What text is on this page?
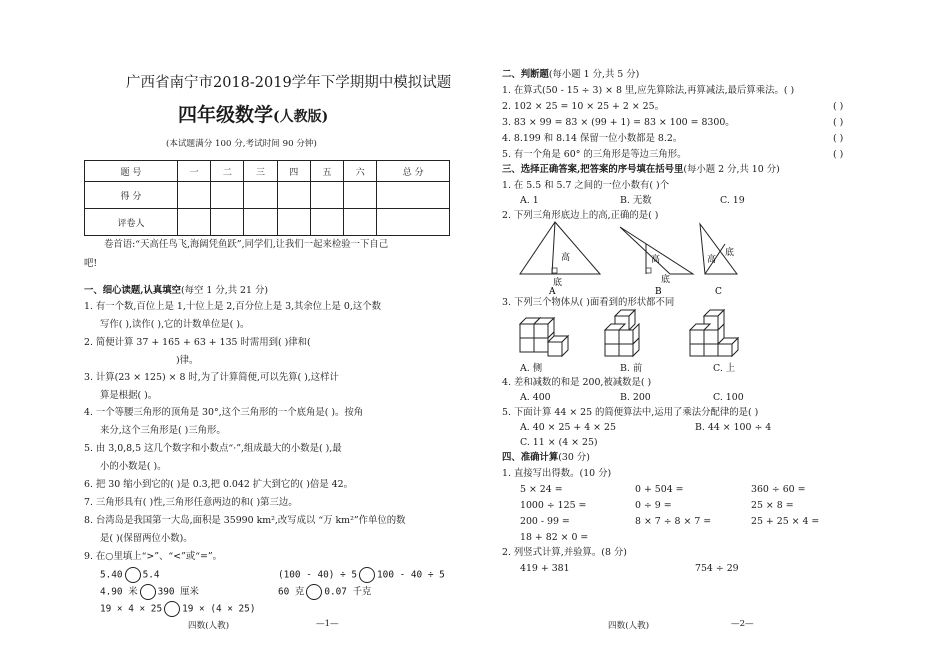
广西省南宁市2018-2019学年下学期期中模拟试题
四年级数学(人教版)
(本试题满分 100 分,考试时间 90 分钟)
题 号	一	二	三	四	五	六	总 分
得 分							
评卷人							
卷首语:“天高任鸟飞,海阔凭鱼跃”,同学们,让我们一起来检验一下自己
吧!
一、细心读题,认真填空(每空 1 分,共 21 分)
1. 有一个数,百位上是 1,十位上是 2,百分位上是 3,其余位上是 0,这个数
写作( ),读作( ),它的计数单位是( )。
2. 简便计算 37 + 165 + 63 + 135 时需用到( )律和(
)律。
3. 计算(23 × 125) × 8 时,为了计算简便,可以先算( ),这样计
算是根据( )。
4. 一个等腰三角形的顶角是 30°,这个三角形的一个底角是( )。按角
来分,这个三角形是( )三角形。
5. 由 3,0,8,5 这几个数字和小数点“·”,组成最大的小数是( ),最
小的小数是( )。
6. 把 30 缩小到它的( )是 0.3,把 0.042 扩大到它的( )倍是 42。
7. 三角形具有( )性,三角形任意两边的和( )第三边。
8. 台湾岛是我国第一大岛,面积是 35990 km²,改写成以 “万 km²”作单位的数
是( )(保留两位小数)。
9. 在○里填上“>”、“<”或“=”。
5.40 5.4	(100 - 40) ÷ 5 100 - 40 ÷ 5
4.90 米 390 厘米	60 克 0.07 千克
19 × 4 × 25 19 × (4 × 25)
四数(人教)	—1—
二、判断题(每小题 1 分,共 5 分)
1. 在算式(50 - 15 ÷ 3) × 8 里,应先算除法,再算减法,最后算乘法。( )
2. 102 × 25 = 10 × 25 + 2 × 25。	( )
3. 83 × 99 = 83 × (99 + 1) = 83 × 100 = 8300。	( )
4. 8.199 和 8.14 保留一位小数都是 8.2。	( )
5. 有一个角是 60° 的三角形是等边三角形。	( )
三、选择正确答案,把答案的序号填在括号里(每小题 2 分,共 10 分)
1. 在 5.5 和 5.7 之间的一位小数有( )个
A. 1	B. 无数	C. 19
2. 下列三角形底边上的高,正确的是( )
高
底
A
高
底
B
高
底
C
3. 下列三个物体从( )面看到的形状都不同
A. 侧	B. 前	C. 上
4. 差和减数的和是 200,被减数是( )
A. 400	B. 200	C. 100
5. 下面计算 44 × 25 的简便算法中,运用了乘法分配律的是( )
A. 40 × 25 + 4 × 25	B. 44 × 100 ÷ 4
C. 11 × (4 × 25)
四、准确计算(30 分)
1. 直接写出得数。(10 分)
5 × 24 =	0 + 504 =	360 ÷ 60 =
1000 ÷ 125 =	0 ÷ 9 =	25 × 8 =
200 - 99 =	8 × 7 ÷ 8 × 7 =	25 + 25 × 4 =
18 + 82 × 0 =
2. 列竖式计算,并验算。(8 分)
419 + 381	754 ÷ 29
四数(人教)	—2—
